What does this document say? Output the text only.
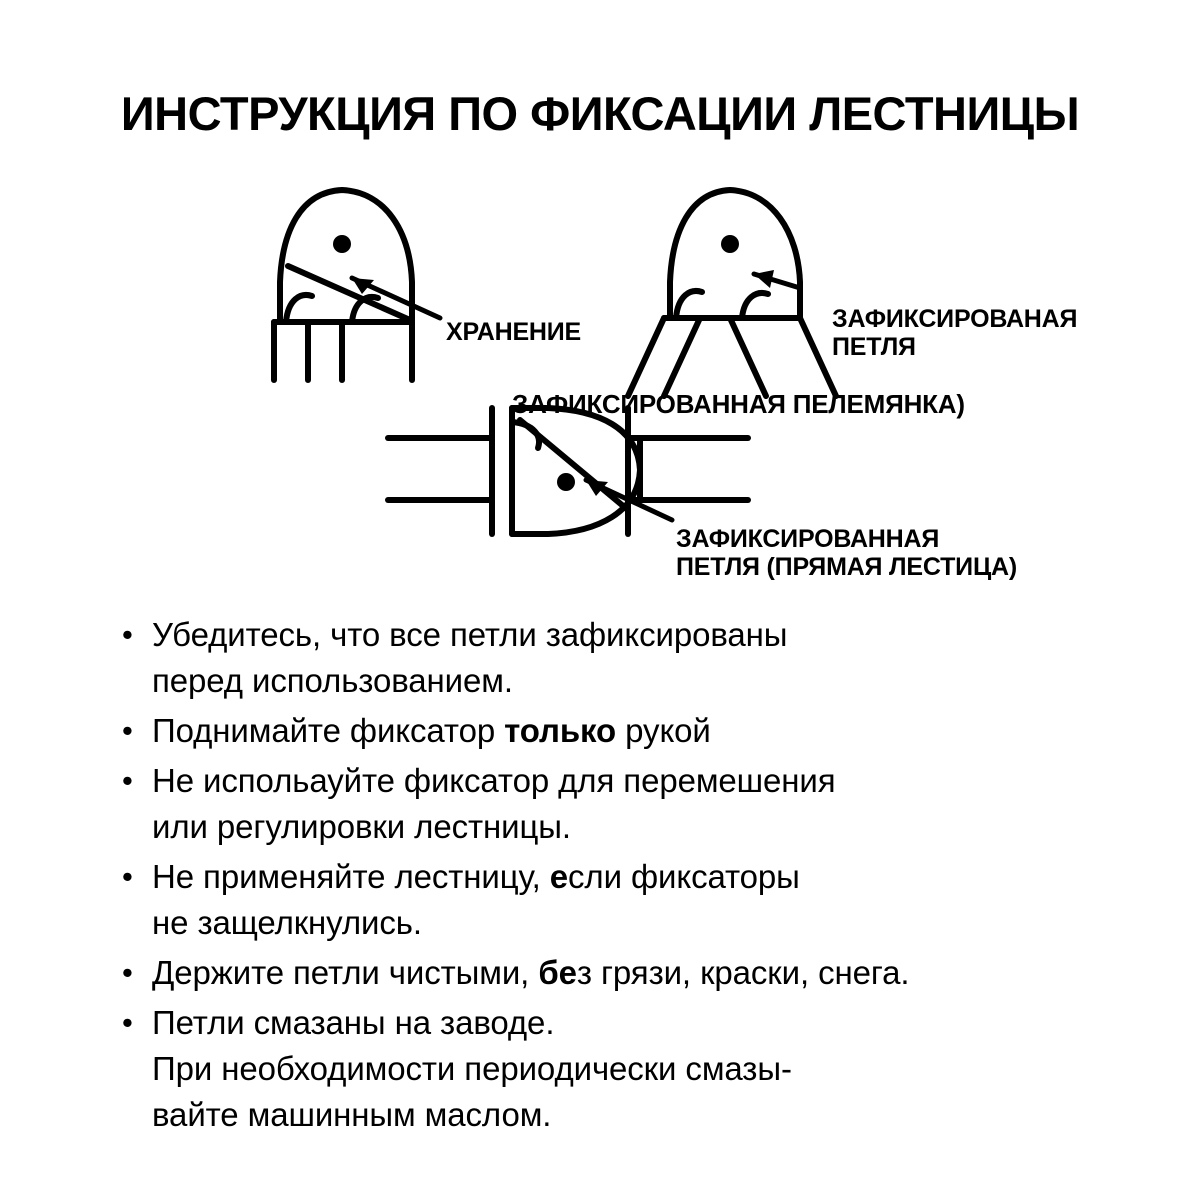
ИНСТРУКЦИЯ ПО ФИКСАЦИИ ЛЕСТНИЦЫ
ХРАНЕНИЕ	ЗАФИКСИРОВАНАЯ
ПЕТЛЯ
ЗАФИКСИРОВАННАЯ ПЕЛЕМЯНКА)
ЗАФИКСИРОВАННАЯ
ПЕТЛЯ (ПРЯМАЯ ЛЕСТИЦА)
• Убедитесь, что все петли зафиксированы
перед использованием.
• Поднимайте фиксатор только рукой
• Не испольауйте фиксатор для перемешения
или регулировки лестницы.
• Не применяйте лестницу, если фиксаторы
не защелкнулись.
• Держите петли чистыми, без грязи, краски, снега.
• Петли смазаны на заводе.
При необходимости периодически смазы-
вайте машинным маслом.
